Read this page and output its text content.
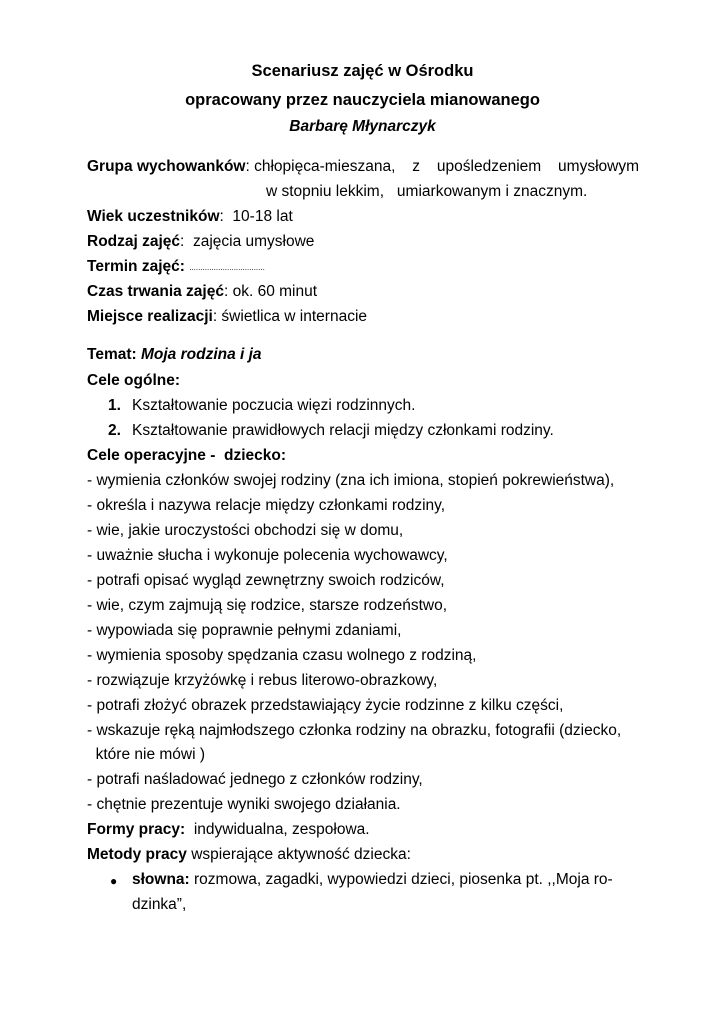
Scenariusz zajęć w Ośrodku
opracowany przez nauczyciela mianowanego
Barbarę Młynarczyk
Grupa wychowanków: chłopięca-mieszana, z upośledzeniem umysłowym
w stopniu lekkim,   umiarkowanym i znacznym.
Wiek uczestników:  10-18 lat
Rodzaj zajęć:  zajęcia umysłowe
Termin zajęć: ..................................
Czas trwania zajęć: ok. 60 minut
Miejsce realizacji: świetlica w internacie
Temat: Moja rodzina i ja
Cele ogólne:
1. Kształtowanie poczucia więzi rodzinnych.
2. Kształtowanie prawidłowych relacji między członkami rodziny.
Cele operacyjne -  dziecko:
- wymienia członków swojej rodziny (zna ich imiona, stopień pokrewieństwa),
- określa i nazywa relacje między członkami rodziny,
- wie, jakie uroczystości obchodzi się w domu,
- uważnie słucha i wykonuje polecenia wychowawcy,
- potrafi opisać wygląd zewnętrzny swoich rodziców,
- wie, czym zajmują się rodzice, starsze rodzeństwo,
- wypowiada się poprawnie pełnymi zdaniami,
- wymienia sposoby spędzania czasu wolnego z rodziną,
- rozwiązuje krzyżówkę i rebus literowo-obrazkowy,
- potrafi złożyć obrazek przedstawiający życie rodzinne z kilku części,
- wskazuje ręką najmłodszego członka rodziny na obrazku, fotografii (dziecko,
które nie mówi )
- potrafi naśladować jednego z członków rodziny,
- chętnie prezentuje wyniki swojego działania.
Formy pracy:  indywidualna, zespołowa.
Metody pracy wspierające aktywność dziecka:
● słowna: rozmowa, zagadki, wypowiedzi dzieci, piosenka pt. ,,Moja ro-
dzinka”,
